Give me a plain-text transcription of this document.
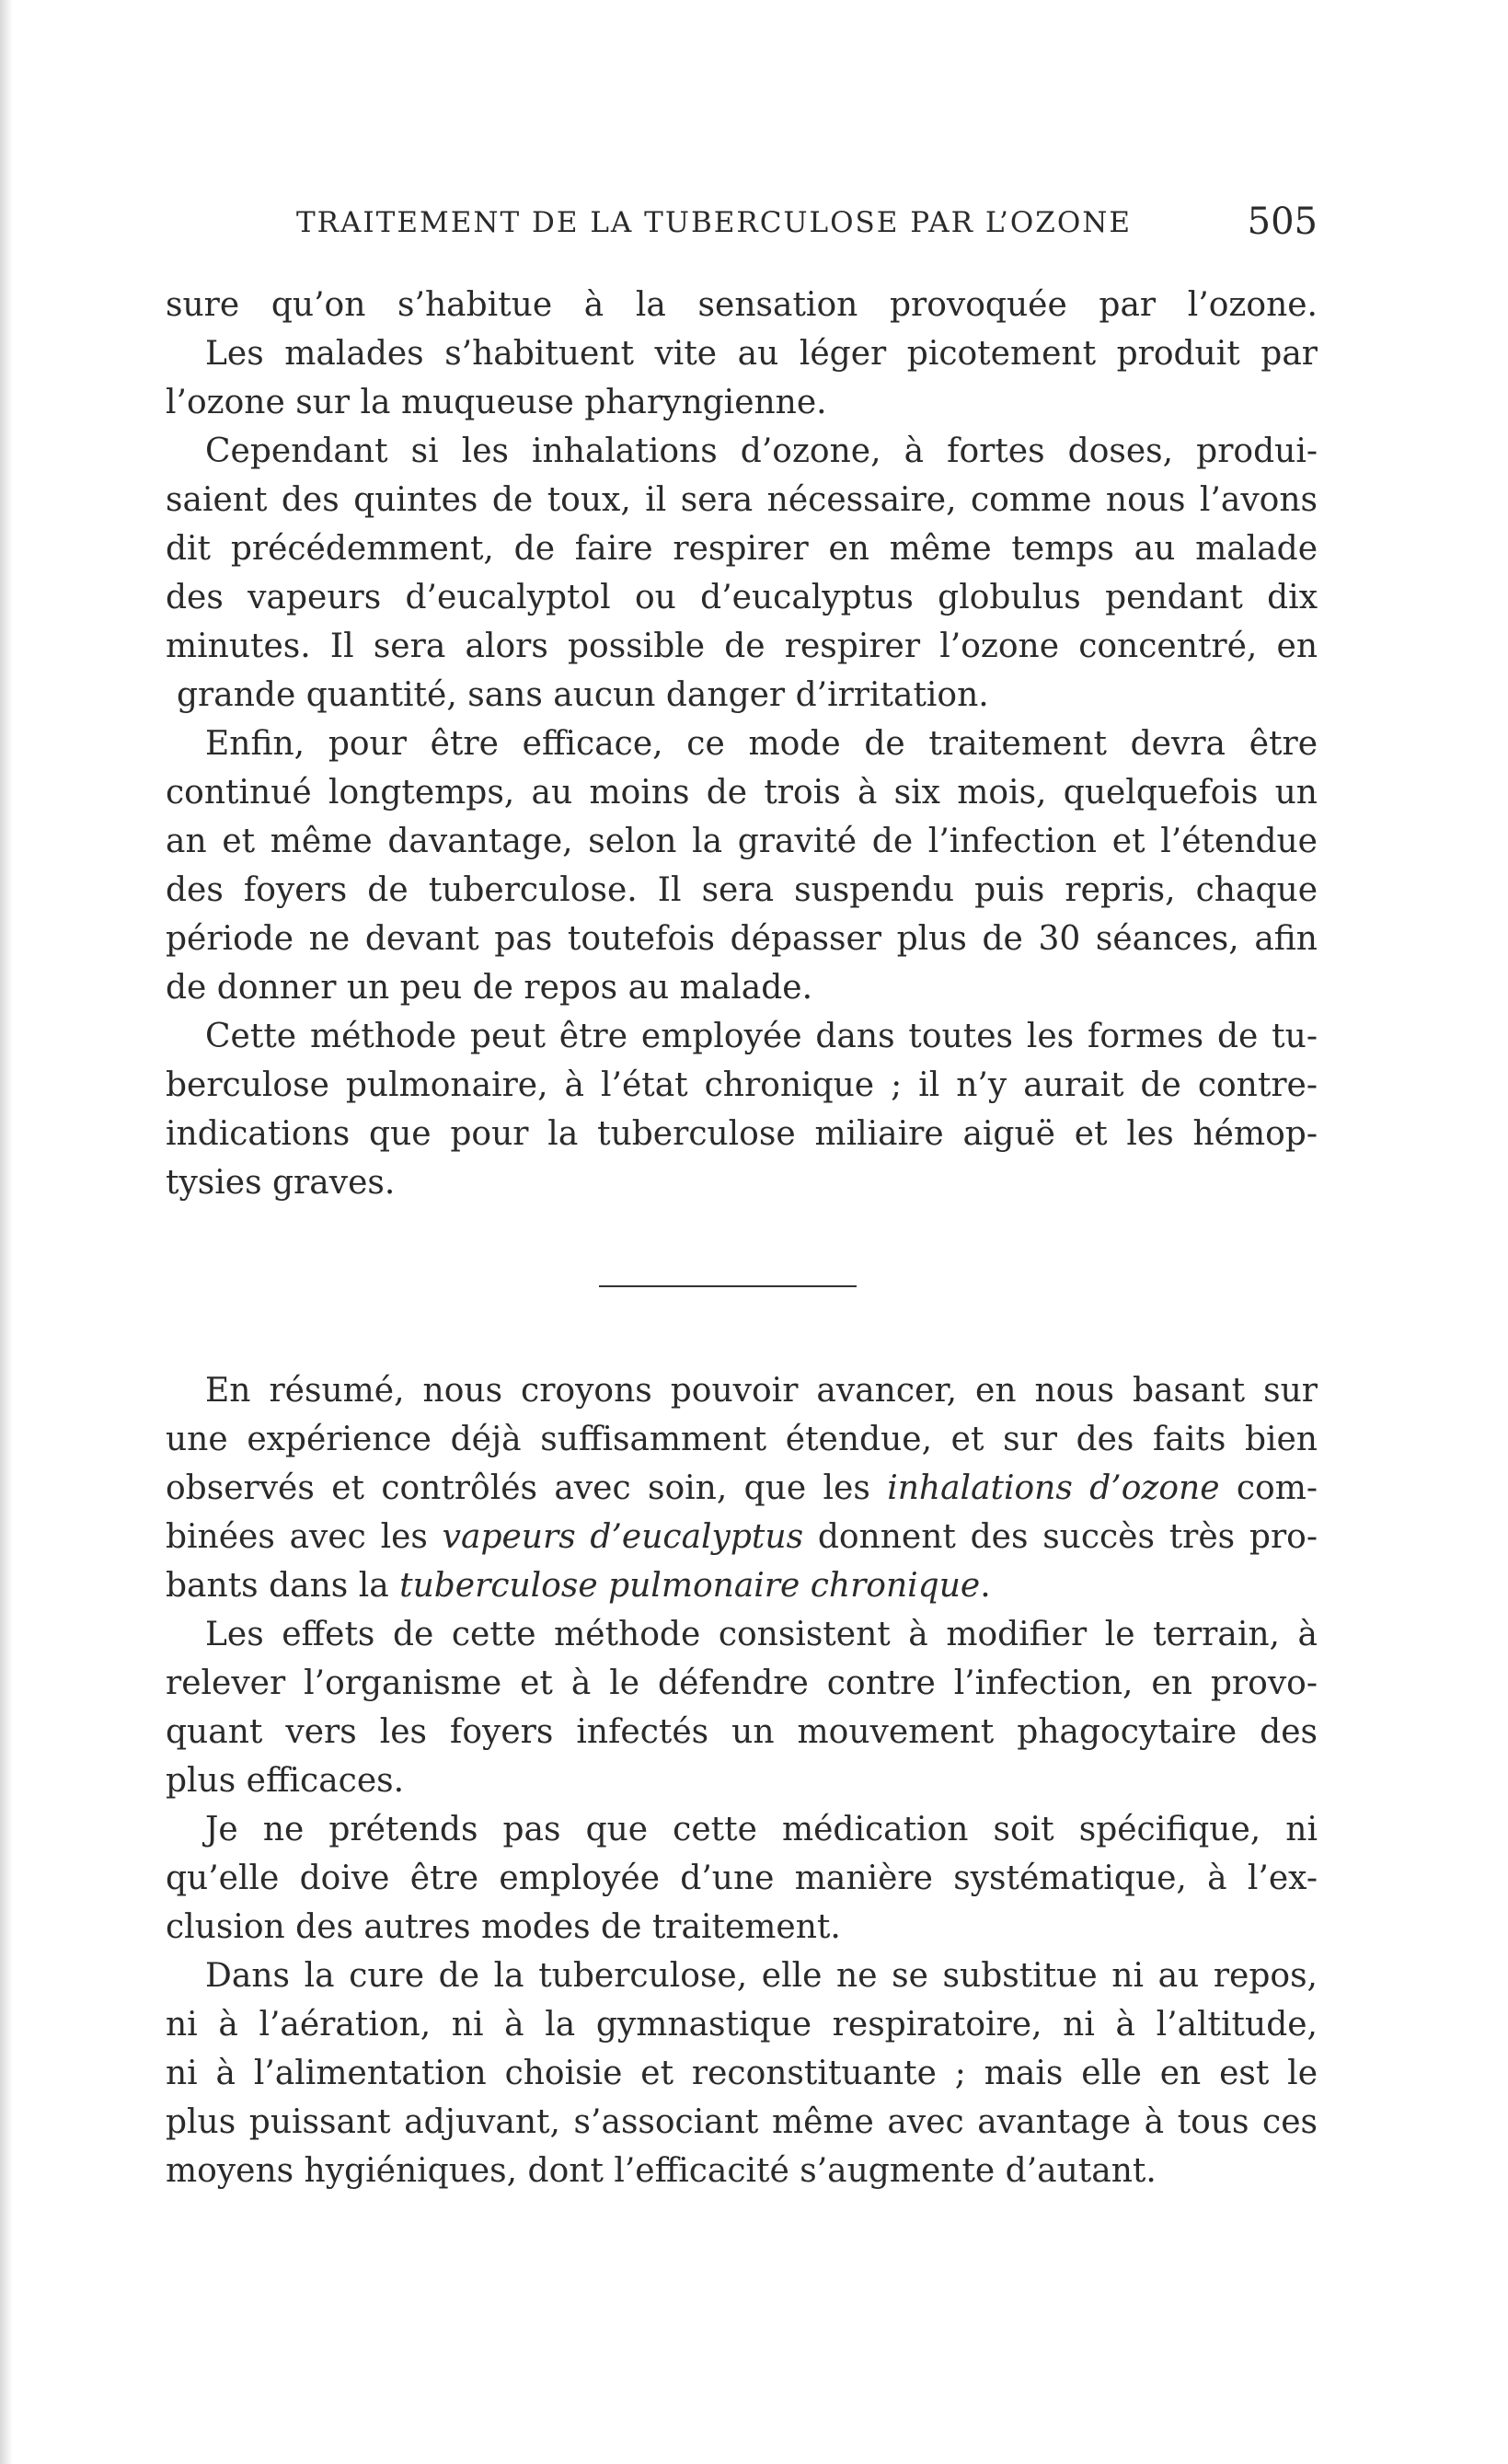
TRAITEMENT DE LA TUBERCULOSE PAR L’OZONE	505
sure qu’on s’habitue à la sensation provoquée par l’ozone.
Les malades s’habituent vite au léger picotement produit par
l’ozone sur la muqueuse pharyngienne.
Cependant si les inhalations d’ozone, à fortes doses, produi-
saient des quintes de toux, il sera nécessaire, comme nous l’avons
dit précédemment, de faire respirer en même temps au malade
des vapeurs d’eucalyptol ou d’eucalyptus globulus pendant dix
minutes. Il sera alors possible de respirer l’ozone concentré, en
grande quantité, sans aucun danger d’irritation.
Enfin, pour être efficace, ce mode de traitement devra être
continué longtemps, au moins de trois à six mois, quelquefois un
an et même davantage, selon la gravité de l’infection et l’étendue
des foyers de tuberculose. Il sera suspendu puis repris, chaque
période ne devant pas toutefois dépasser plus de 30 séances, afin
de donner un peu de repos au malade.
Cette méthode peut être employée dans toutes les formes de tu-
berculose pulmonaire, à l’état chronique ; il n’y aurait de contre-
indications que pour la tuberculose miliaire aiguë et les hémop-
tysies graves.
En résumé, nous croyons pouvoir avancer, en nous basant sur
une expérience déjà suffisamment étendue, et sur des faits bien
observés et contrôlés avec soin, que les inhalations d’ozone com-
binées avec les vapeurs d’eucalyptus donnent des succès très pro-
bants dans la tuberculose pulmonaire chronique.
Les effets de cette méthode consistent à modifier le terrain, à
relever l’organisme et à le défendre contre l’infection, en provo-
quant vers les foyers infectés un mouvement phagocytaire des
plus efficaces.
Je ne prétends pas que cette médication soit spécifique, ni
qu’elle doive être employée d’une manière systématique, à l’ex-
clusion des autres modes de traitement.
Dans la cure de la tuberculose, elle ne se substitue ni au repos,
ni à l’aération, ni à la gymnastique respiratoire, ni à l’altitude,
ni à l’alimentation choisie et reconstituante ; mais elle en est le
plus puissant adjuvant, s’associant même avec avantage à tous ces
moyens hygiéniques, dont l’efficacité s’augmente d’autant.
